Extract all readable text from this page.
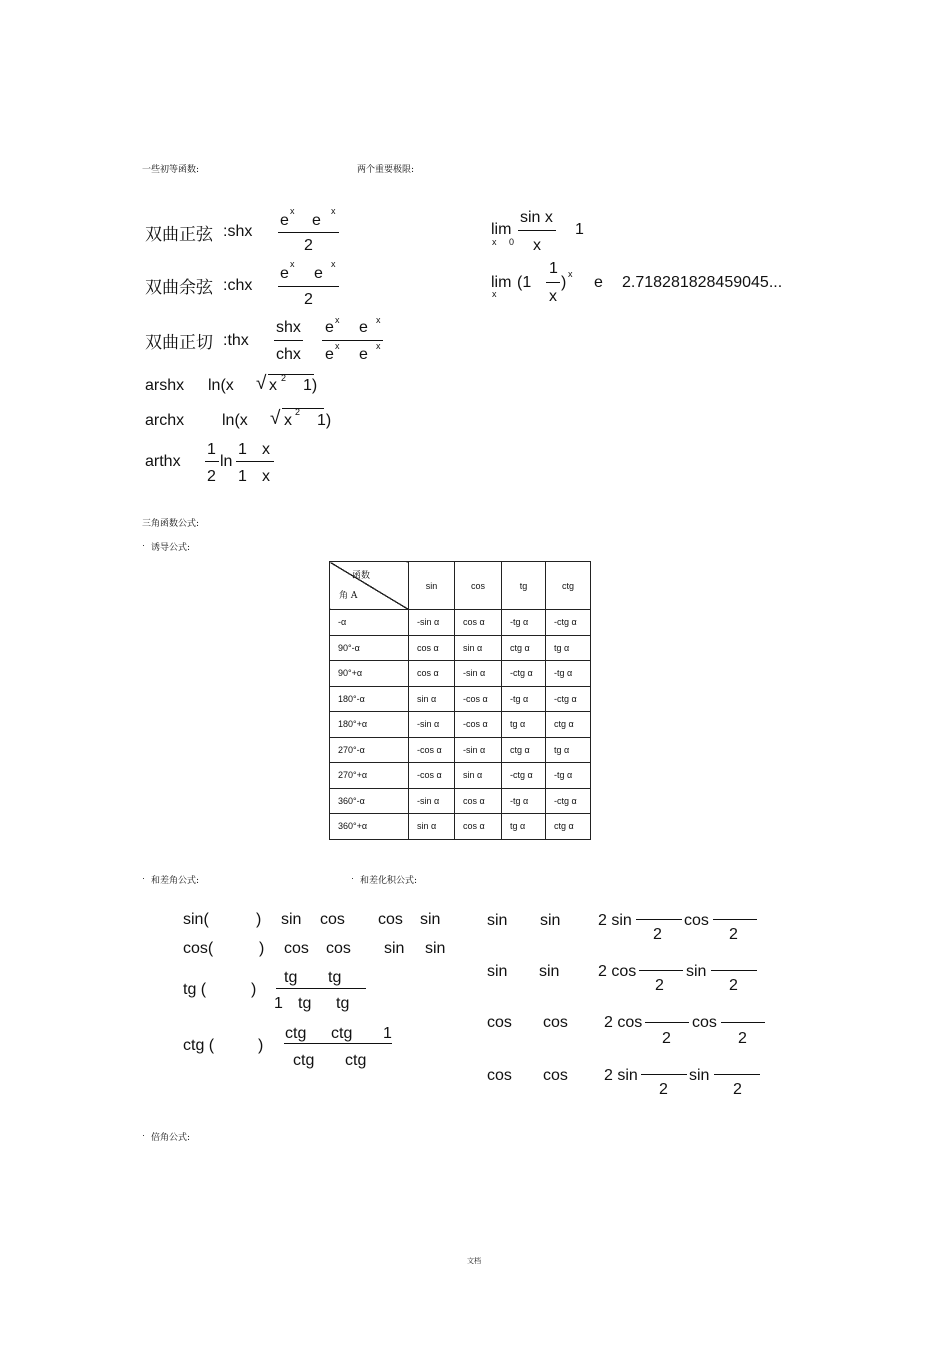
一些初等函数:	两个重要极限:
双曲正弦 :shx
e
x
e
x
2
双曲余弦 :chx
e
x
e
x
2
双曲正切 :thx
shx
chx
e x e x
e x e x
arshx ln(x √ x 2 1)
archx ln(x √ x 2 1)
arthx
1
2
ln
1 x
1 x
lim
x 0
sin x
x
1
lim
x
(1
1
x
) x e 2.718281828459045...
三角函数公式:
· 诱导公式:
函数
角 A	sin	cos	tg	ctg
-α	-sin α	cos α	-tg α	-ctg α
90°-α	cos α	sin α	ctg α	tg α
90°+α	cos α	-sin α	-ctg α	-tg α
180°-α	sin α	-cos α	-tg α	-ctg α
180°+α	-sin α	-cos α	tg α	ctg α
270°-α	-cos α	-sin α	ctg α	tg α
270°+α	-cos α	sin α	-ctg α	-tg α
360°-α	-sin α	cos α	-tg α	-ctg α
360°+α	sin α	cos α	tg α	ctg α
· 和差角公式:	· 和差化积公式:
sin(	) sin cos cos sin
cos(	) cos cos sin sin
tg (	)
tg tg
1 tg tg
ctg (	)
ctg ctg 1
ctg ctg
sin sin 2 sin
2
cos
2
sin sin 2 cos
2
sin
2
cos cos 2 cos
2
cos
2
cos cos 2 sin
2
sin
2
· 倍角公式:
文档
